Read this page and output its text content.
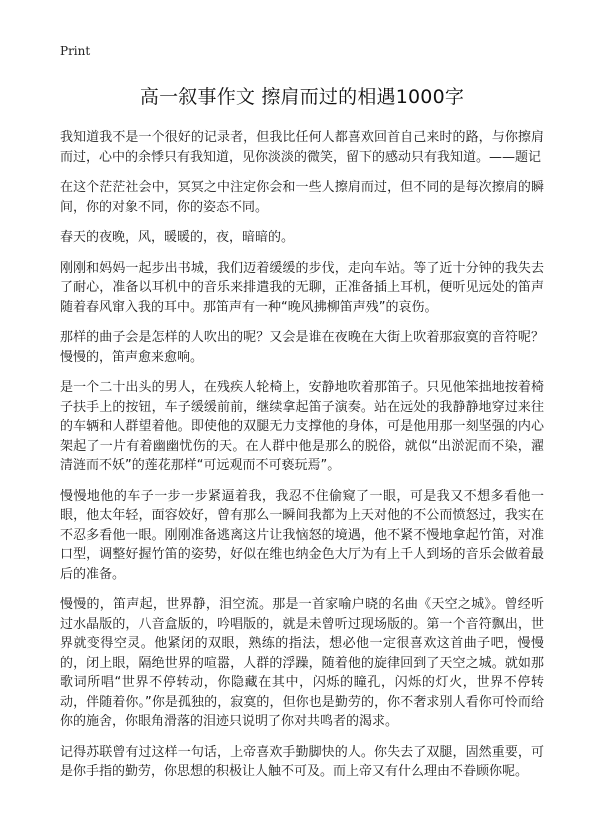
Print
高一叙事作文 擦肩而过的相遇1000字

我知道我不是一个很好的记录者，但我比任何人都喜欢回首自己来时的路，与你擦肩而过，心中的余悸只有我知道，见你淡淡的微笑，留下的感动只有我知道。——题记

在这个茫茫社会中，冥冥之中注定你会和一些人擦肩而过，但不同的是每次擦肩的瞬间，你的对象不同，你的姿态不同。

春天的夜晚，风，暖暖的，夜，暗暗的。

刚刚和妈妈一起步出书城，我们迈着缓缓的步伐，走向车站。等了近十分钟的我失去了耐心，准备以耳机中的音乐来排遣我的无聊，正准备插上耳机，便听见远处的笛声随着春风窜入我的耳中。那笛声有一种“晚风拂柳笛声残”的哀伤。

那样的曲子会是怎样的人吹出的呢？又会是谁在夜晚在大街上吹着那寂寞的音符呢？慢慢的，笛声愈来愈响。

是一个二十出头的男人，在残疾人轮椅上，安静地吹着那笛子。只见他笨拙地按着椅子扶手上的按钮，车子缓缓前前，继续拿起笛子演奏。站在远处的我静静地穿过来往的车辆和人群望着他。即使他的双腿无力支撑他的身体，可是他用那一刻坚强的内心架起了一片有着幽幽忧伤的天。在人群中他是那么的脱俗，就似“出淤泥而不染，濯清涟而不妖”的莲花那样“可远观而不可亵玩焉”。

慢慢地他的车子一步一步紧逼着我，我忍不住偷窥了一眼，可是我又不想多看他一眼，他太年轻，面容姣好，曾有那么一瞬间我都为上天对他的不公而愤怒过，我实在不忍多看他一眼。刚刚准备逃离这片让我恼怒的境遇，他不紧不慢地拿起竹笛，对准口型，调整好握竹笛的姿势，好似在维也纳金色大厅为有上千人到场的音乐会做着最后的准备。

慢慢的，笛声起，世界静，泪空流。那是一首家喻户晓的名曲《天空之城》。曾经听过水晶版的，八音盒版的，吟唱版的，就是未曾听过现场版的。第一个音符飘出，世界就变得空灵。他紧闭的双眼，熟练的指法，想必他一定很喜欢这首曲子吧，慢慢的，闭上眼，隔绝世界的喧嚣，人群的浮躁，随着他的旋律回到了天空之城。就如那歌词所唱“世界不停转动，你隐藏在其中，闪烁的瞳孔，闪烁的灯火，世界不停转动，伴随着你。”你是孤独的，寂寞的，但你也是勤劳的，你不奢求别人看你可怜而给你的施舍，你眼角滑落的泪迹只说明了你对共鸣者的渴求。

记得苏联曾有过这样一句话，上帝喜欢手勤脚快的人。你失去了双腿，固然重要，可是你手指的勤劳，你思想的积极让人触不可及。而上帝又有什么理由不眷顾你呢。
